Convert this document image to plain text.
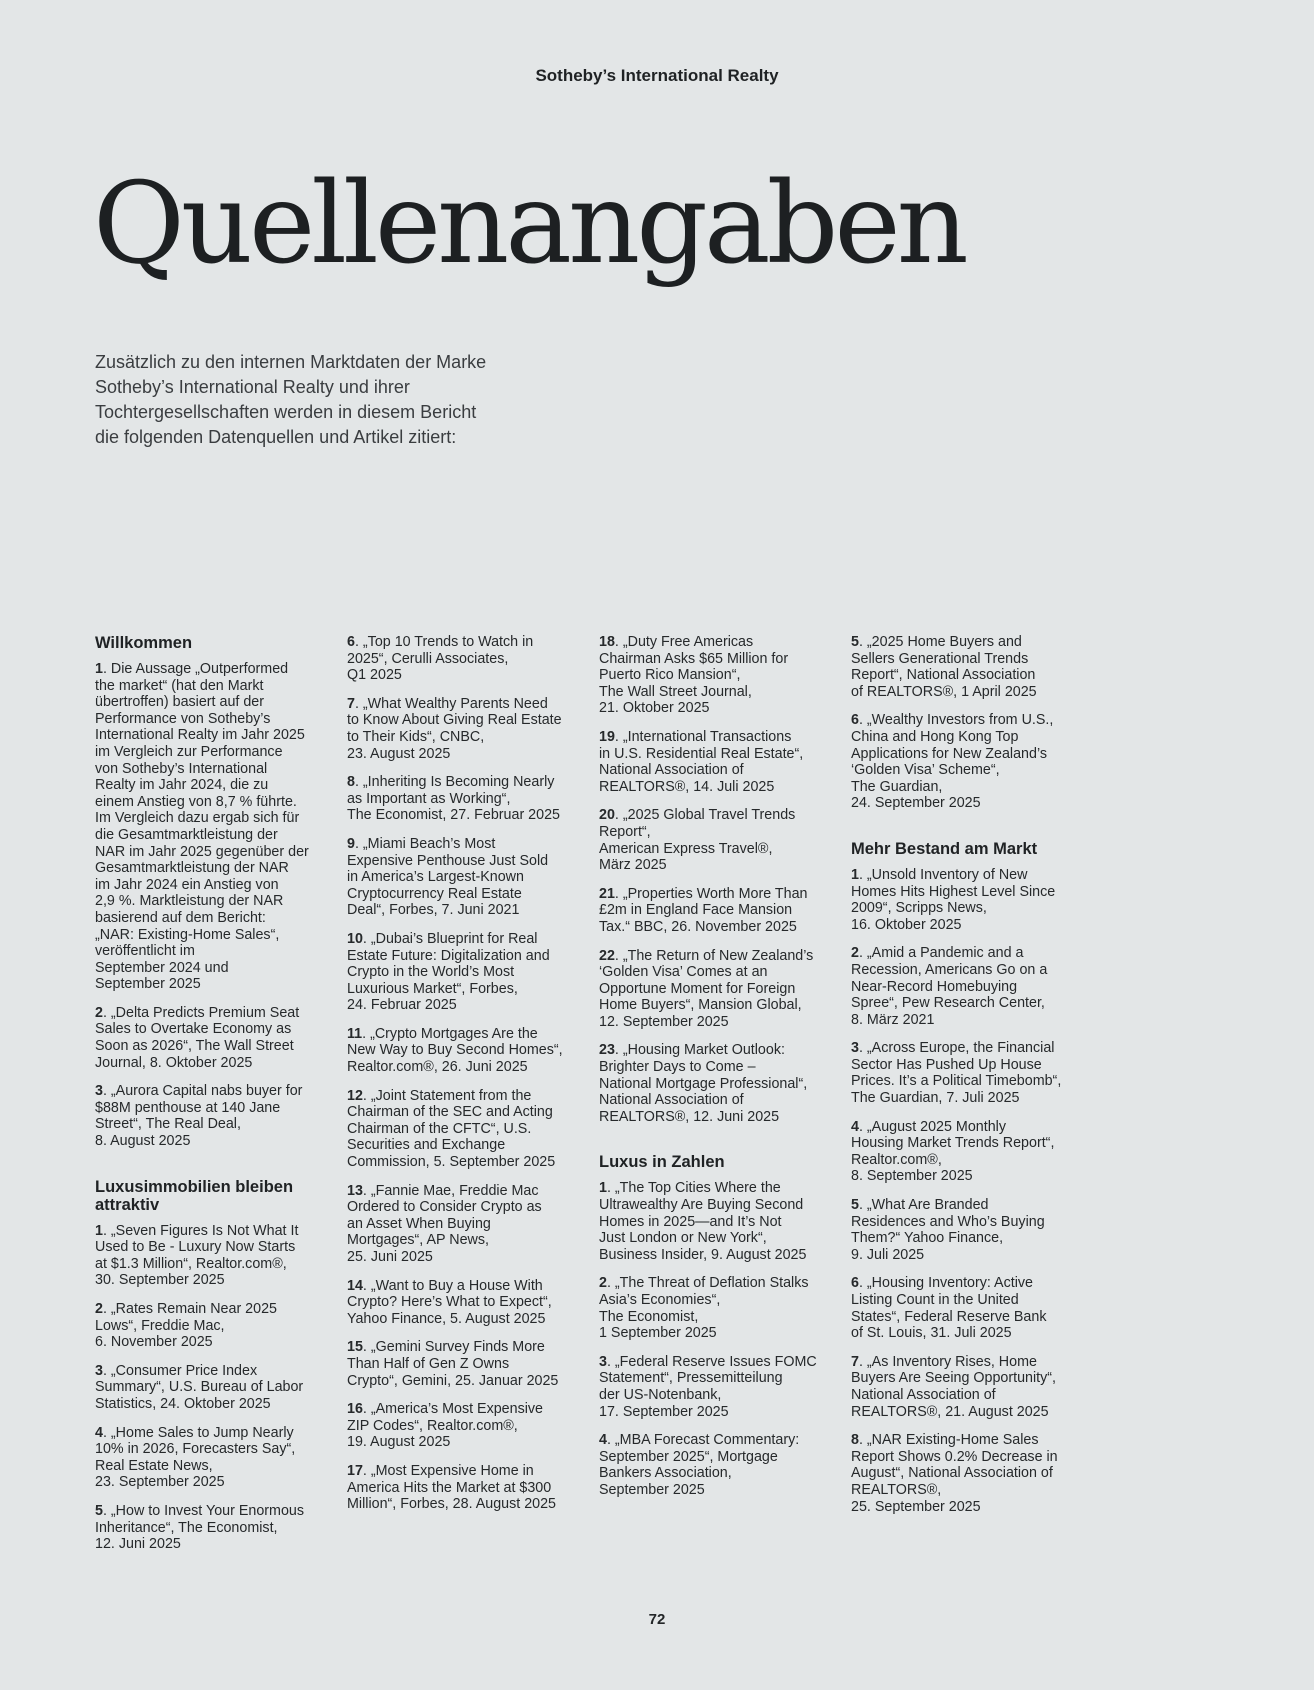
Sotheby’s International Realty
Quellenangaben

Zusätzlich zu den internen Marktdaten der Marke

Sotheby’s International Realty und ihrer

Tochtergesellschaften werden in diesem Bericht

die folgenden Datenquellen und Artikel zitiert:

Willkommen
1. Die Aussage „Outperformed
the market“ (hat den Markt
übertroffen) basiert auf der
Performance von Sotheby’s
International Realty im Jahr 2025
im Vergleich zur Performance
von Sotheby’s International
Realty im Jahr 2024, die zu
einem Anstieg von 8,7 % führte.
Im Vergleich dazu ergab sich für
die Gesamtmarktleistung der
NAR im Jahr 2025 gegenüber der
Gesamtmarktleistung der NAR
im Jahr 2024 ein Anstieg von
2,9 %. Marktleistung der NAR
basierend auf dem Bericht:
„NAR: Existing-Home Sales“,
veröffentlicht im
September 2024 und
September 2025
2. „Delta Predicts Premium Seat
Sales to Overtake Economy as
Soon as 2026“, The Wall Street
Journal, 8. Oktober 2025
3. „Aurora Capital nabs buyer for
$88M penthouse at 140 Jane
Street“, The Real Deal,
8. August 2025
Luxusimmobilien bleiben attraktiv
1. „Seven Figures Is Not What It
Used to Be - Luxury Now Starts
at $1.3 Million“, Realtor.com®,
30. September 2025
2. „Rates Remain Near 2025
Lows“, Freddie Mac,
6. November 2025
3. „Consumer Price Index
Summary“, U.S. Bureau of Labor
Statistics, 24. Oktober 2025
4. „Home Sales to Jump Nearly
10% in 2026, Forecasters Say“,
Real Estate News,
23. September 2025
5. „How to Invest Your Enormous
Inheritance“, The Economist,
12. Juni 2025
6. „Top 10 Trends to Watch in
2025“, Cerulli Associates,
Q1 2025
7. „What Wealthy Parents Need
to Know About Giving Real Estate
to Their Kids“, CNBC,
23. August 2025
8. „Inheriting Is Becoming Nearly
as Important as Working“,
The Economist, 27. Februar 2025
9. „Miami Beach’s Most
Expensive Penthouse Just Sold
in America’s Largest-Known
Cryptocurrency Real Estate
Deal“, Forbes, 7. Juni 2021
10. „Dubai’s Blueprint for Real
Estate Future: Digitalization and
Crypto in the World’s Most
Luxurious Market“, Forbes,
24. Februar 2025
11. „Crypto Mortgages Are the
New Way to Buy Second Homes“,
Realtor.com®, 26. Juni 2025
12. „Joint Statement from the
Chairman of the SEC and Acting
Chairman of the CFTC“, U.S.
Securities and Exchange
Commission, 5. September 2025
13. „Fannie Mae, Freddie Mac
Ordered to Consider Crypto as
an Asset When Buying
Mortgages“, AP News,
25. Juni 2025
14. „Want to Buy a House With
Crypto? Here’s What to Expect“,
Yahoo Finance, 5. August 2025
15. „Gemini Survey Finds More
Than Half of Gen Z Owns
Crypto“, Gemini, 25. Januar 2025
16. „America’s Most Expensive
ZIP Codes“, Realtor.com®,
19. August 2025
17. „Most Expensive Home in
America Hits the Market at $300
Million“, Forbes, 28. August 2025
18. „Duty Free Americas
Chairman Asks $65 Million for
Puerto Rico Mansion“,
The Wall Street Journal,
21. Oktober 2025
19. „International Transactions
in U.S. Residential Real Estate“,
National Association of
REALTORS®, 14. Juli 2025
20. „2025 Global Travel Trends
Report“,
American Express Travel®,
März 2025
21. „Properties Worth More Than
£2m in England Face Mansion
Tax.“ BBC, 26. November 2025
22. „The Return of New Zealand’s
‘Golden Visa’ Comes at an
Opportune Moment for Foreign
Home Buyers“, Mansion Global,
12. September 2025
23. „Housing Market Outlook:
Brighter Days to Come –
National Mortgage Professional“,
National Association of
REALTORS®, 12. Juni 2025
Luxus in Zahlen
1. „The Top Cities Where the
Ultrawealthy Are Buying Second
Homes in 2025—and It’s Not
Just London or New York“,
Business Insider, 9. August 2025
2. „The Threat of Deflation Stalks
Asia’s Economies“,
The Economist,
1 September 2025
3. „Federal Reserve Issues FOMC
Statement“, Pressemitteilung
der US-Notenbank,
17. September 2025
4. „MBA Forecast Commentary:
September 2025“, Mortgage
Bankers Association,
September 2025
5. „2025 Home Buyers and
Sellers Generational Trends
Report“, National Association
of REALTORS®, 1 April 2025
6. „Wealthy Investors from U.S.,
China and Hong Kong Top
Applications for New Zealand’s
‘Golden Visa’ Scheme“,
The Guardian,
24. September 2025
Mehr Bestand am Markt
1. „Unsold Inventory of New
Homes Hits Highest Level Since
2009“, Scripps News,
16. Oktober 2025
2. „Amid a Pandemic and a
Recession, Americans Go on a
Near-Record Homebuying
Spree“, Pew Research Center,
8. März 2021
3. „Across Europe, the Financial
Sector Has Pushed Up House
Prices. It’s a Political Timebomb“,
The Guardian, 7. Juli 2025
4. „August 2025 Monthly
Housing Market Trends Report“,
Realtor.com®,
8. September 2025
5. „What Are Branded
Residences and Who’s Buying
Them?“ Yahoo Finance,
9. Juli 2025
6. „Housing Inventory: Active
Listing Count in the United
States“, Federal Reserve Bank
of St. Louis, 31. Juli 2025
7. „As Inventory Rises, Home
Buyers Are Seeing Opportunity“,
National Association of
REALTORS®, 21. August 2025
8. „NAR Existing-Home Sales
Report Shows 0.2% Decrease in
August“, National Association of
REALTORS®,
25. September 2025
72
